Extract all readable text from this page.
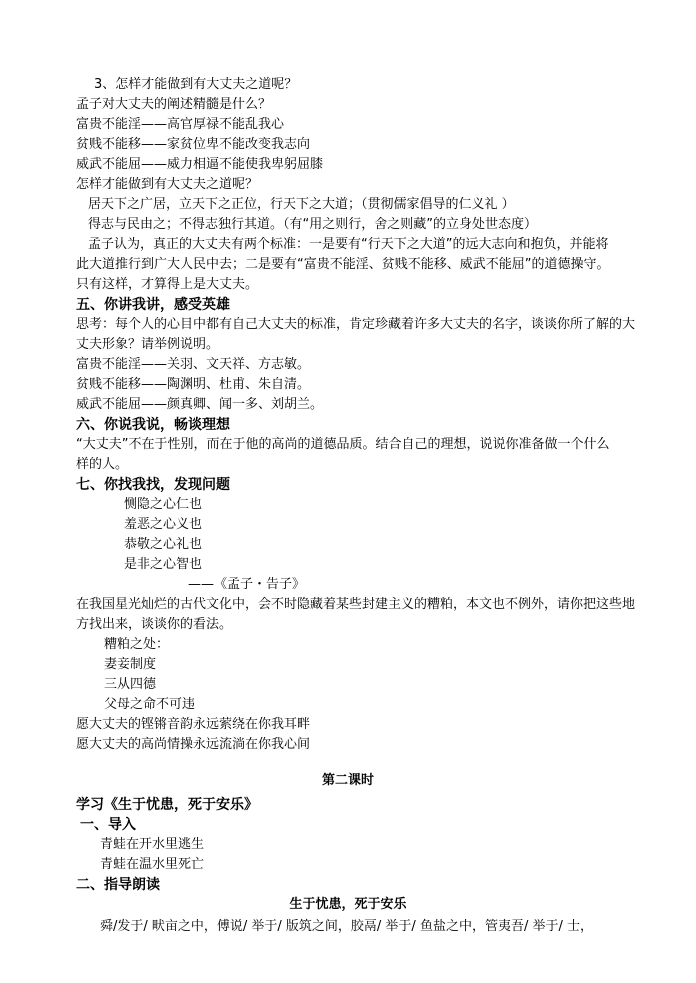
3、怎样才能做到有大丈夫之道呢？
孟子对大丈夫的阐述精髓是什么？
富贵不能淫——高官厚禄不能乱我心
贫贱不能移——家贫位卑不能改变我志向
威武不能屈——威力相逼不能使我卑躬屈膝
怎样才能做到有大丈夫之道呢？
居天下之广居，立天下之正位，行天下之大道；（贯彻儒家倡导的仁义礼 ）
得志与民由之；不得志独行其道。（有“用之则行，舍之则藏”的立身处世态度）
孟子认为，真正的大丈夫有两个标准：一是要有“行天下之大道”的远大志向和抱负，并能将
此大道推行到广大人民中去；二是要有“富贵不能淫、贫贱不能移、威武不能屈”的道德操守。
只有这样，才算得上是大丈夫。
五、你讲我讲，感受英雄
思考：每个人的心目中都有自己大丈夫的标准，肯定珍藏着许多大丈夫的名字，谈谈你所了解的大
丈夫形象？请举例说明。
富贵不能淫——关羽、文天祥、方志敏。
贫贱不能移——陶渊明、杜甫、朱自清。
威武不能屈——颜真卿、闻一多、刘胡兰。
六、你说我说，畅谈理想
“大丈夫”不在于性别，而在于他的高尚的道德品质。结合自己的理想，说说你准备做一个什么
样的人。
七、你找我找，发现问题
恻隐之心仁也
羞恶之心义也
恭敬之心礼也
是非之心智也
——《孟子・告子》
在我国星光灿烂的古代文化中，会不时隐藏着某些封建主义的糟粕，本文也不例外，请你把这些地
方找出来，谈谈你的看法。
糟粕之处：
妻妾制度
三从四德
父母之命不可违
愿大丈夫的铿锵音韵永远萦绕在你我耳畔
愿大丈夫的高尚情操永远流淌在你我心间
第二课时
学习《生于忧患，死于安乐》
一、导入
青蛙在开水里逃生
青蛙在温水里死亡
二、指导朗读
生于忧患，死于安乐
舜/发于/ 畎亩之中，傅说/ 举于/ 版筑之间，胶鬲/ 举于/ 鱼盐之中，管夷吾/ 举于/ 士，
